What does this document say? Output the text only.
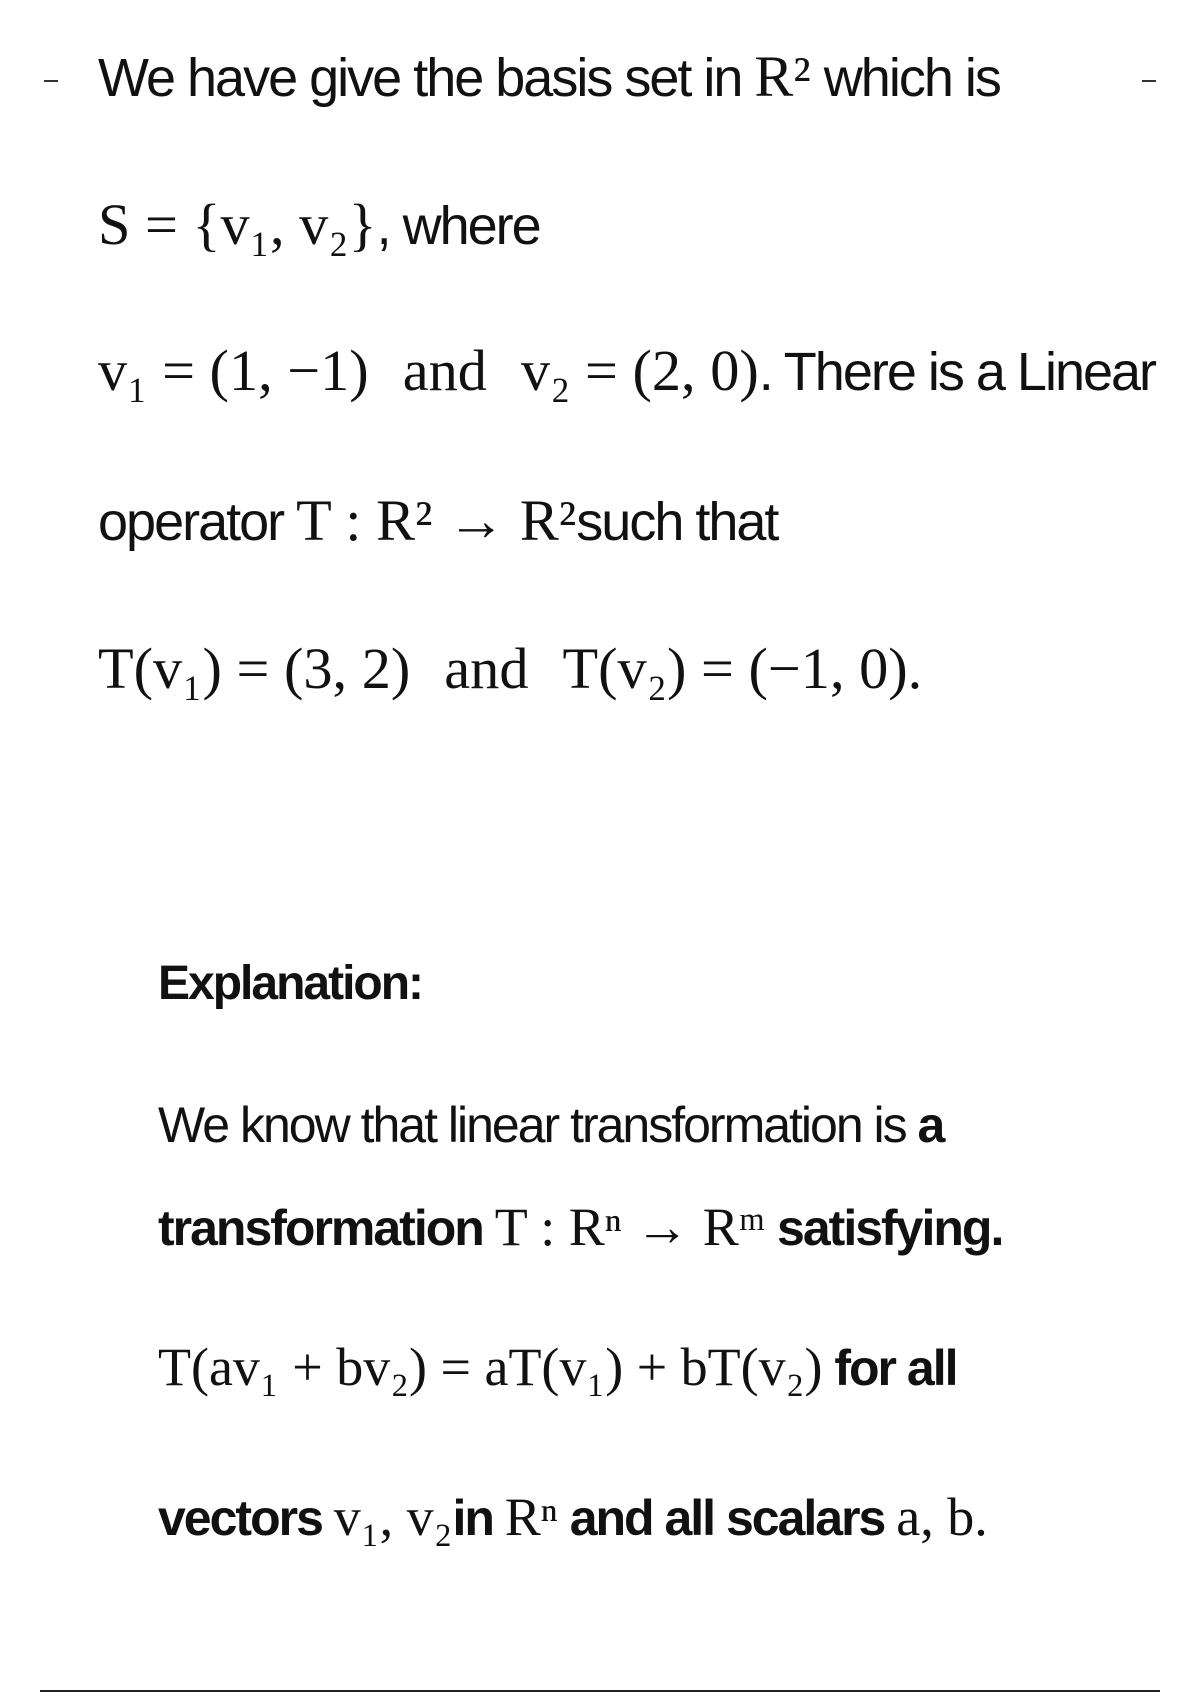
We have give the basis set in R² which is
S = {v₁, v₂}, where
v₁ = (1, −1) and v₂ = (2, 0). There is a Linear
operator T : R² → R²such that
T(v₁) = (3, 2) and T(v₂) = (−1, 0).
Explanation:
We know that linear transformation is a
transformation T : Rⁿ → Rᵐ satisfying.
T(av₁ + bv₂) = aT(v₁) + bT(v₂) for all
vectors v₁, v₂in Rⁿ and all scalars a, b.
